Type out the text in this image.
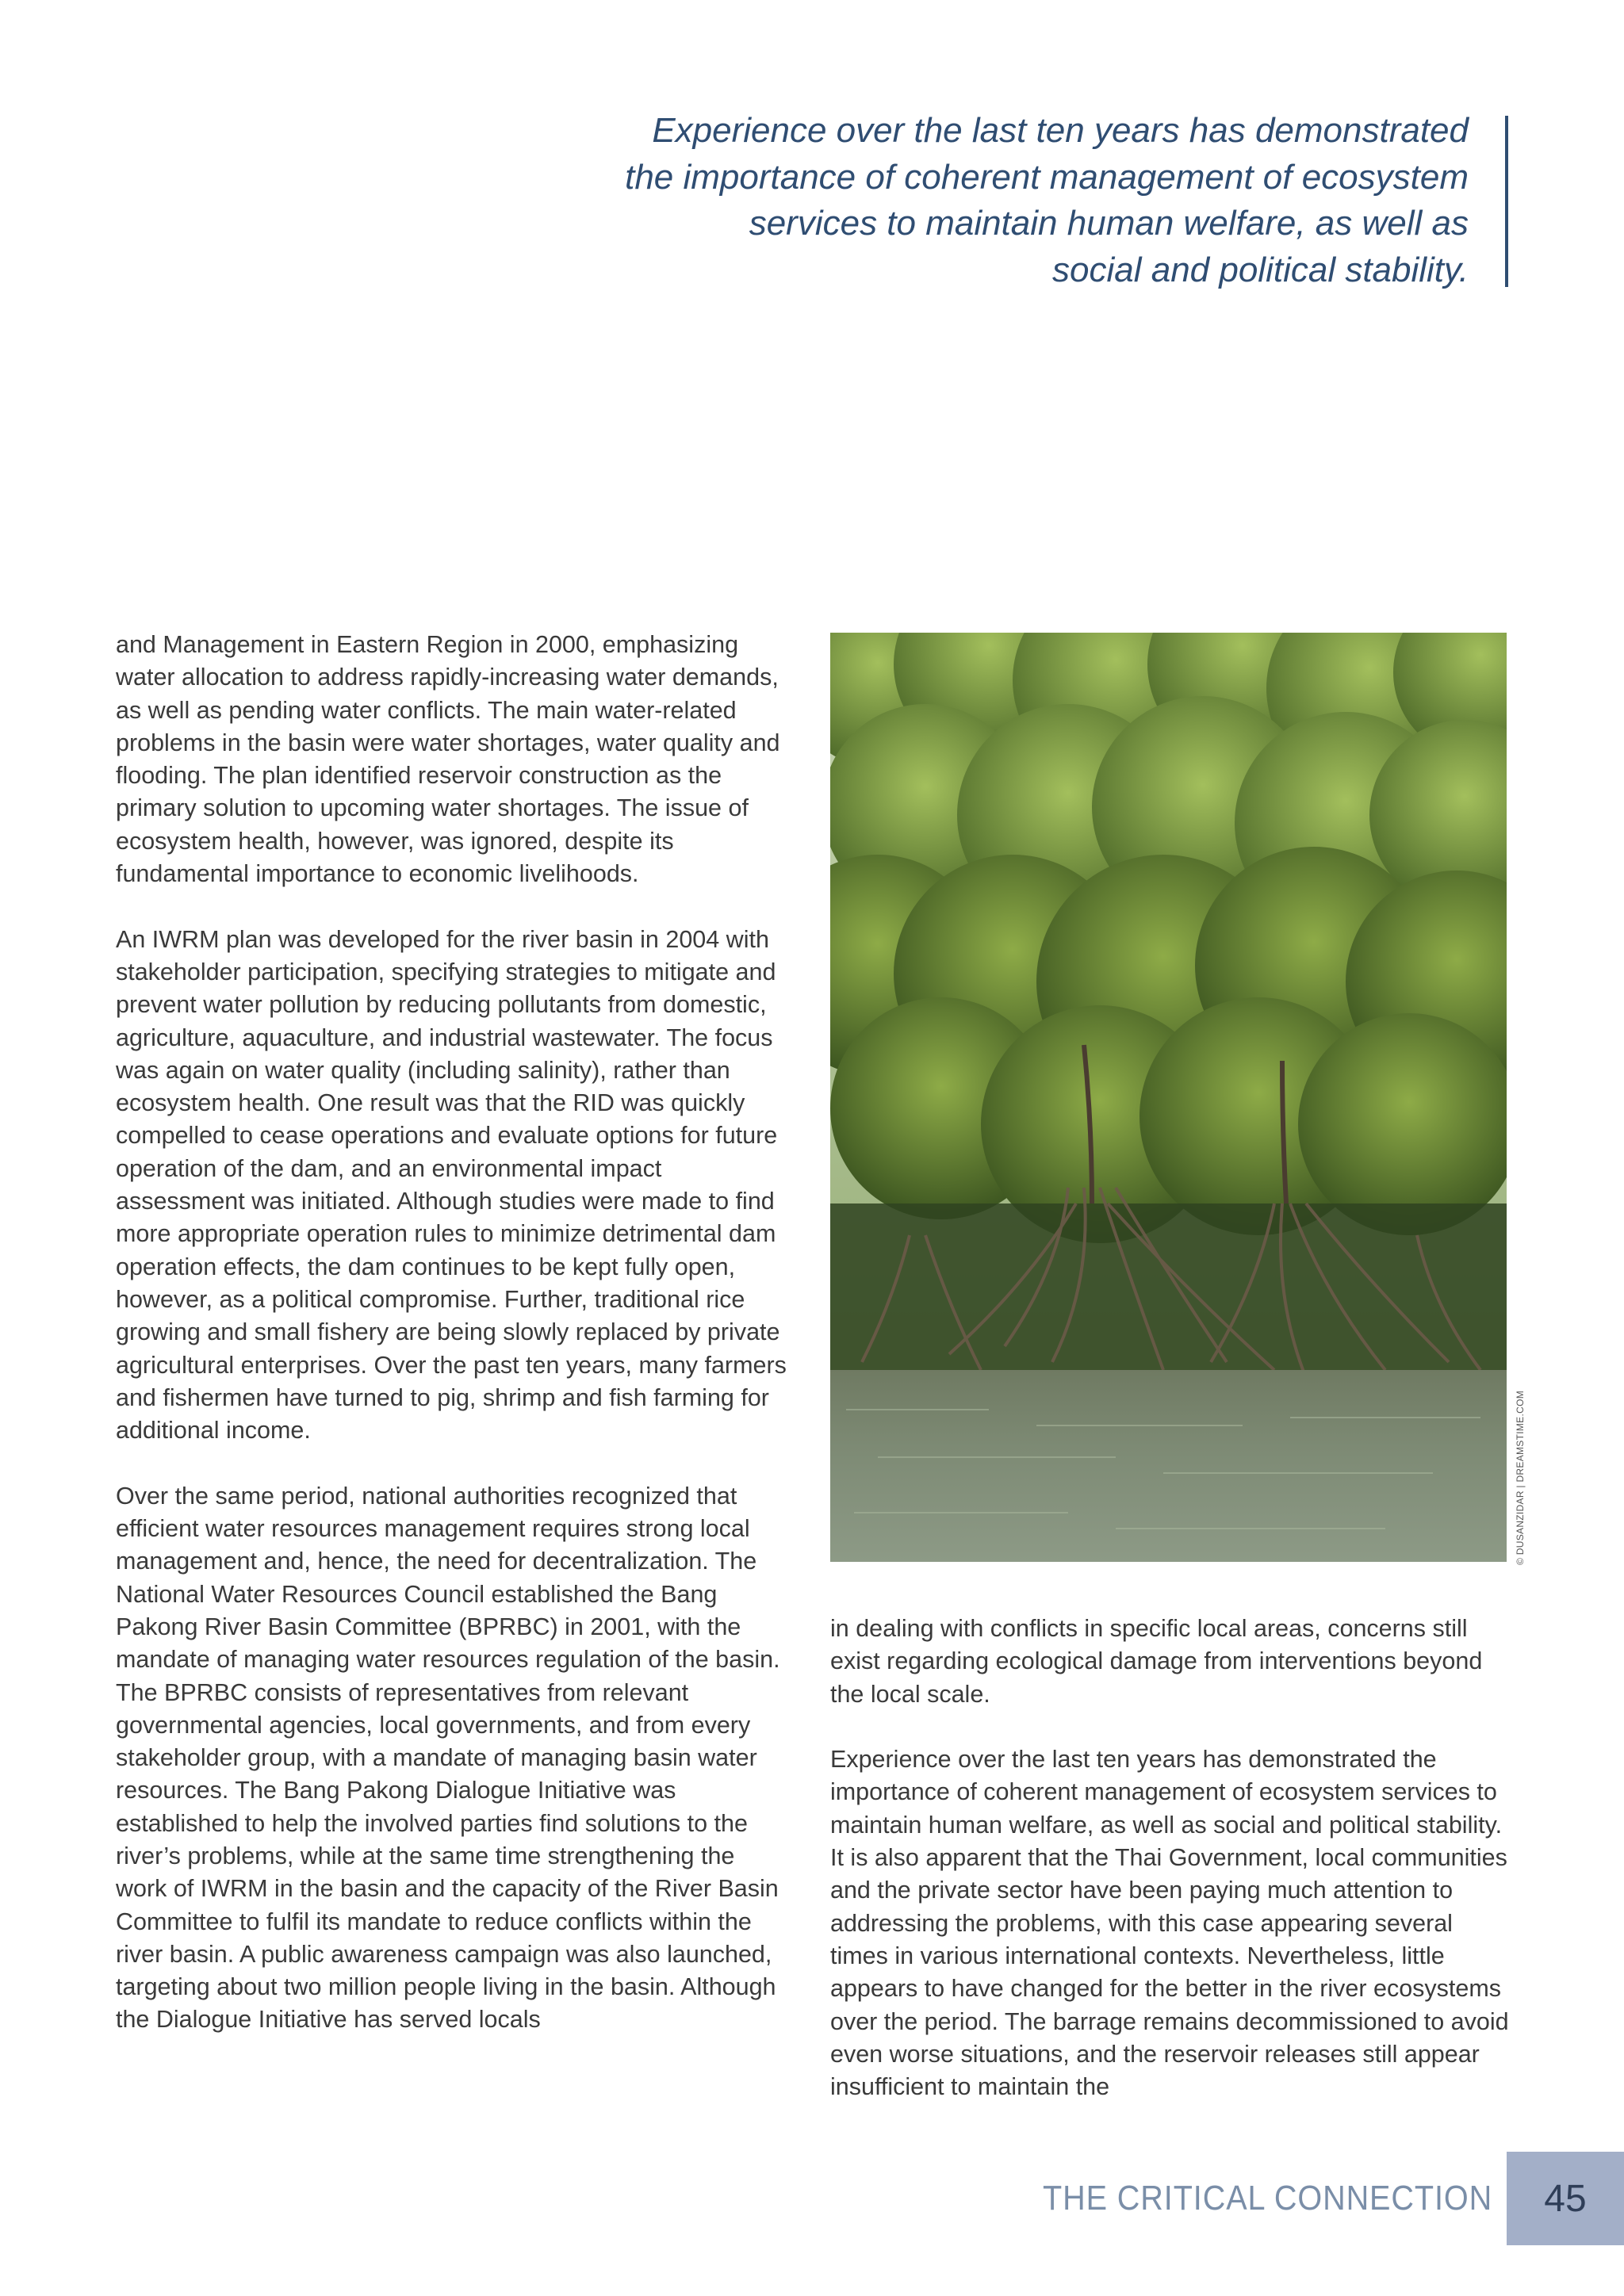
Experience over the last ten years has demonstrated
the importance of coherent management of ecosystem
services to maintain human welfare, as well as
social and political stability.

and Management in Eastern Region in 2000, emphasizing water allocation to address rapidly-increasing water demands, as well as pending water conflicts. The main water-related problems in the basin were water shortages, water quality and flooding. The plan identified reservoir construction as the primary solution to upcoming water shortages. The issue of ecosystem health, however, was ignored, despite its fundamental importance to economic livelihoods.

An IWRM plan was developed for the river basin in 2004 with stakeholder participation, specifying strategies to mitigate and prevent water pollution by reducing pollutants from domestic, agriculture, aquaculture, and industrial wastewater. The focus was again on water quality (including salinity), rather than ecosystem health. One result was that the RID was quickly compelled to cease operations and evaluate options for future operation of the dam, and an environmental impact assessment was initiated. Although studies were made to find more appropriate operation rules to minimize detrimental dam operation effects, the dam continues to be kept fully open, however, as a political compromise. Further, traditional rice growing and small fishery are being slowly replaced by private agricultural enterprises. Over the past ten years, many farmers and fishermen have turned to pig, shrimp and fish farming for additional income.

Over the same period, national authorities recognized that efficient water resources management requires strong local management and, hence, the need for decentralization. The National Water Resources Council established the Bang Pakong River Basin Committee (BPRBC) in 2001, with the mandate of managing water resources regulation of the basin. The BPRBC consists of representatives from relevant governmental agencies, local governments, and from every stakeholder group, with a mandate of managing basin water resources. The Bang Pakong Dialogue Initiative was established to help the involved parties find solutions to the river’s problems, while at the same time strengthening the work of IWRM in the basin and the capacity of the River Basin Committee to fulfil its mandate to reduce conflicts within the river basin. A public awareness campaign was also launched, targeting about two million people living in the basin. Although the Dialogue Initiative has served locals

© DUSANZIDAR | DREAMSTIME.COM

in dealing with conflicts in specific local areas, concerns still exist regarding ecological damage from interventions beyond the local scale.

Experience over the last ten years has demonstrated the importance of coherent management of ecosystem services to maintain human welfare, as well as social and political stability. It is also apparent that the Thai Government, local communities and the private sector have been paying much attention to addressing the problems, with this case appearing several times in various international contexts. Nevertheless, little appears to have changed for the better in the river ecosystems over the period. The barrage remains decommissioned to avoid even worse situations, and the reservoir releases still appear insufficient to maintain the

THE CRITICAL CONNECTION 45
